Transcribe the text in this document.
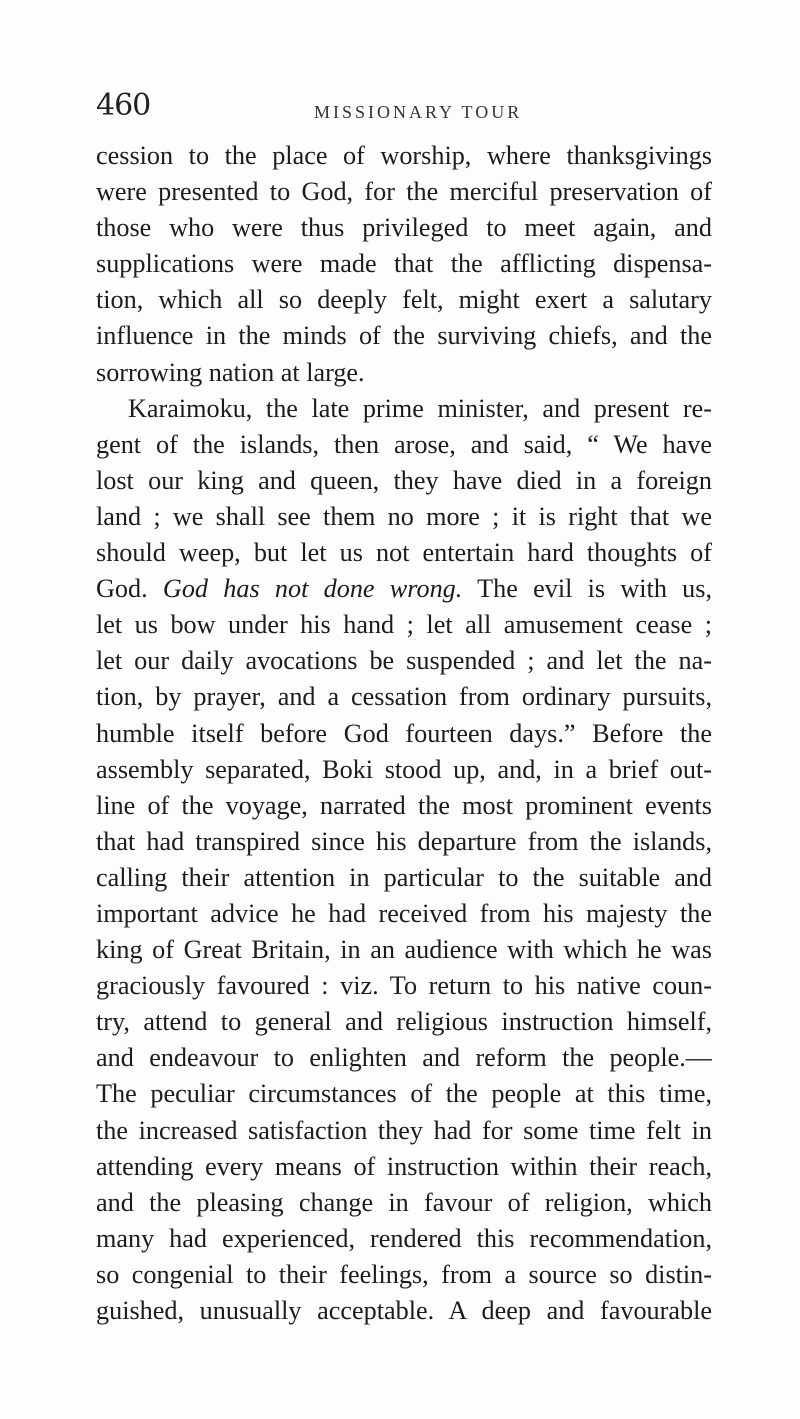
460	MISSIONARY TOUR
cession to the place of worship, where thanksgivings
were presented to God, for the merciful preservation of
those who were thus privileged to meet again, and
supplications were made that the afflicting dispensa-
tion, which all so deeply felt, might exert a salutary
influence in the minds of the surviving chiefs, and the
sorrowing nation at large.
Karaimoku, the late prime minister, and present re-
gent of the islands, then arose, and said, “ We have
lost our king and queen, they have died in a foreign
land ; we shall see them no more ; it is right that we
should weep, but let us not entertain hard thoughts of
God. God has not done wrong. The evil is with us,
let us bow under his hand ; let all amusement cease ;
let our daily avocations be suspended ; and let the na-
tion, by prayer, and a cessation from ordinary pursuits,
humble itself before God fourteen days.” Before the
assembly separated, Boki stood up, and, in a brief out-
line of the voyage, narrated the most prominent events
that had transpired since his departure from the islands,
calling their attention in particular to the suitable and
important advice he had received from his majesty the
king of Great Britain, in an audience with which he was
graciously favoured : viz. To return to his native coun-
try, attend to general and religious instruction himself,
and endeavour to enlighten and reform the people.—
The peculiar circumstances of the people at this time,
the increased satisfaction they had for some time felt in
attending every means of instruction within their reach,
and the pleasing change in favour of religion, which
many had experienced, rendered this recommendation,
so congenial to their feelings, from a source so distin-
guished, unusually acceptable. A deep and favourable
